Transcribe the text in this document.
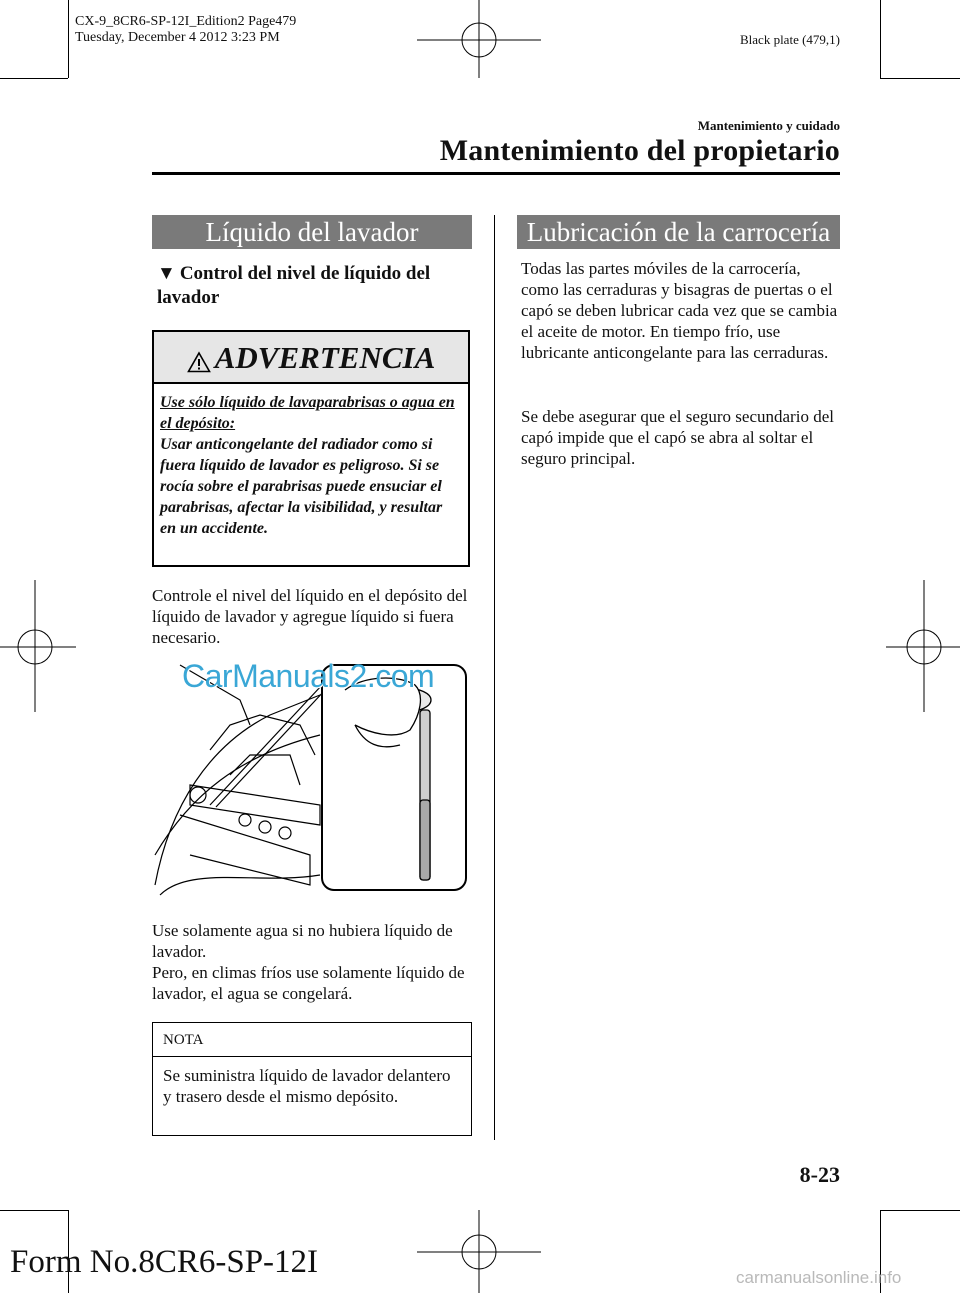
CX-9_8CR6-SP-12I_Edition2 Page479
Tuesday, December 4 2012 3:23 PM	Black plate (479,1)
Mantenimiento y cuidado
Mantenimiento del propietario
Líquido del lavador
▼ Control del nivel de líquido del lavador
ADVERTENCIA
Use sólo líquido de lavaparabrisas o agua en el depósito:
Usar anticongelante del radiador como si fuera líquido de lavador es peligroso. Si se rocía sobre el parabrisas puede ensuciar el parabrisas, afectar la visibilidad, y resultar en un accidente.
Controle el nivel del líquido en el depósito del líquido de lavador y agregue líquido si fuera necesario.
CarManuals2.com
Use solamente agua si no hubiera líquido de lavador.
Pero, en climas fríos use solamente líquido de lavador, el agua se congelará.
NOTA
Se suministra líquido de lavador delantero y trasero desde el mismo depósito.
Lubricación de la carrocería
Todas las partes móviles de la carrocería, como las cerraduras y bisagras de puertas o el capó se deben lubricar cada vez que se cambia el aceite de motor. En tiempo frío, use lubricante anticongelante para las cerraduras.
Se debe asegurar que el seguro secundario del capó impide que el capó se abra al soltar el seguro principal.
8-23
Form No.8CR6-SP-12I	carmanualsonline.info
